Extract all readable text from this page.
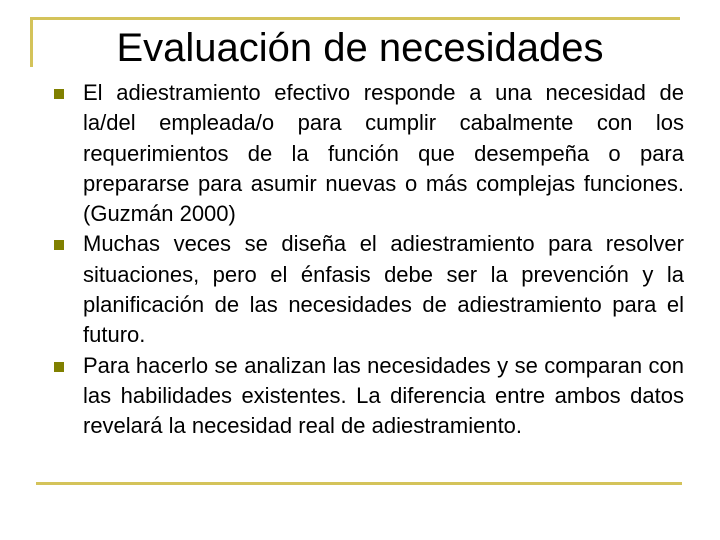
Evaluación de necesidades
El adiestramiento efectivo responde a una necesidad de la/del empleada/o para cumplir cabalmente con los requerimientos de la función que desempeña o para prepararse para asumir nuevas o más complejas funciones. (Guzmán 2000)
Muchas veces se diseña el adiestramiento para resolver situaciones, pero el énfasis debe ser la prevención y la planificación de las necesidades de adiestramiento para el futuro.
Para hacerlo se analizan las necesidades y se comparan con las habilidades existentes. La diferencia entre ambos datos revelará la necesidad real de adiestramiento.
